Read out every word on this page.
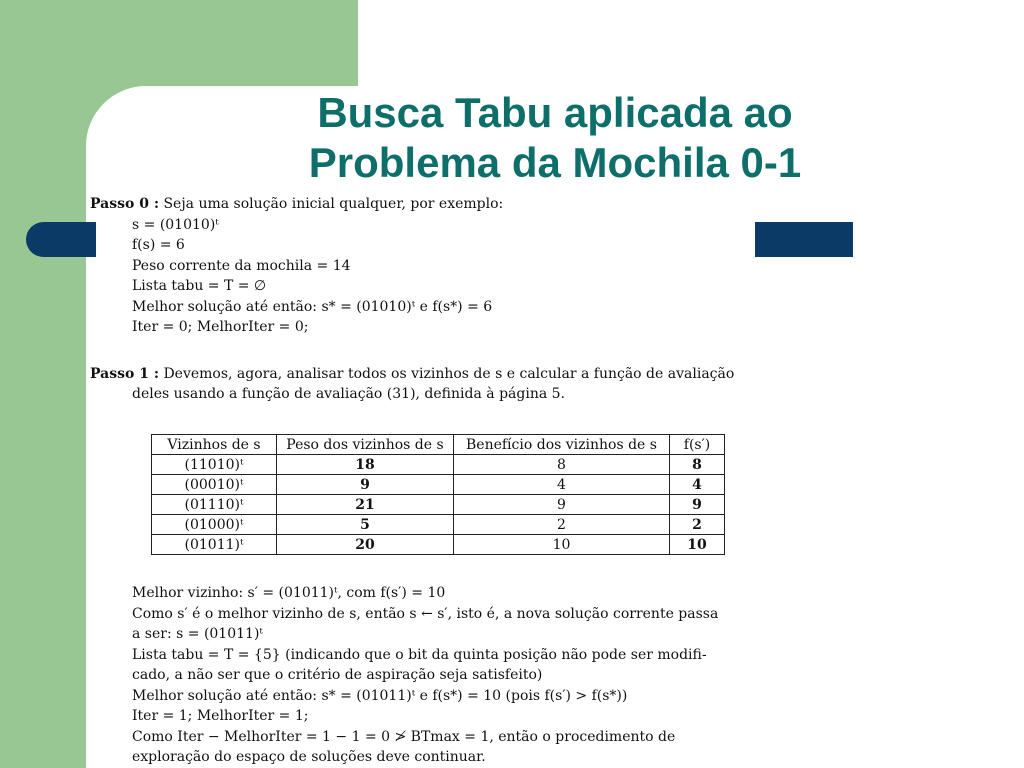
Busca Tabu aplicada ao
Problema da Mochila 0-1
Passo 0 : Seja uma solução inicial qualquer, por exemplo:
s = (01010)ᵗ
f(s) = 6
Peso corrente da mochila = 14
Lista tabu = T = ∅
Melhor solução até então: s* = (01010)ᵗ e f(s*) = 6
Iter = 0; MelhorIter = 0;
Passo 1 : Devemos, agora, analisar todos os vizinhos de s e calcular a função de avaliação
deles usando a função de avaliação (31), definida à página 5.
Vizinhos de s	Peso dos vizinhos de s	Benefício dos vizinhos de s	f(s′)
(11010)ᵗ	18	8	8
(00010)ᵗ	9	4	4
(01110)ᵗ	21	9	9
(01000)ᵗ	5	2	2
(01011)ᵗ	20	10	10
Melhor vizinho: s′ = (01011)ᵗ, com f(s′) = 10
Como s′ é o melhor vizinho de s, então s ← s′, isto é, a nova solução corrente passa
a ser: s = (01011)ᵗ
Lista tabu = T = {5} (indicando que o bit da quinta posição não pode ser modifi-
cado, a não ser que o critério de aspiração seja satisfeito)
Melhor solução até então: s* = (01011)ᵗ e f(s*) = 10 (pois f(s′) > f(s*))
Iter = 1; MelhorIter = 1;
Como Iter − MelhorIter = 1 − 1 = 0 ≯ BTmax = 1, então o procedimento de
exploração do espaço de soluções deve continuar.
